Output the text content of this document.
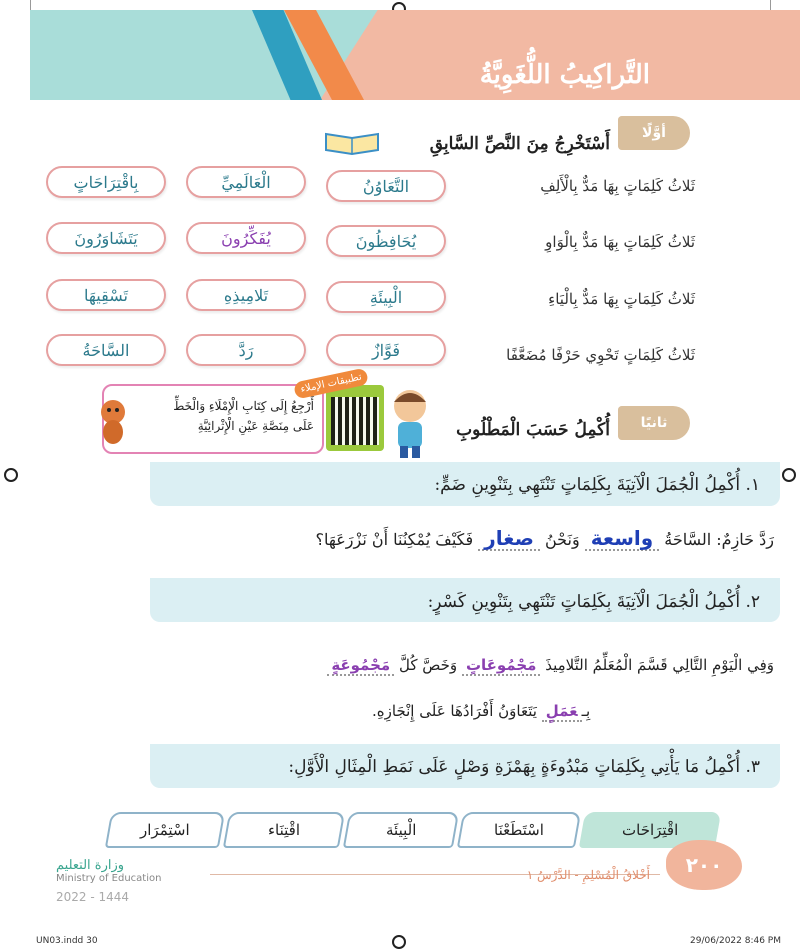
التَّراكِيبُ اللُّغَوِيَّةُ
أوَّلًا
أَسْتَخْرِجُ مِنَ النَّصِّ السَّابِقِ
ثَلاثُ كَلِمَاتٍ بِهَا مَدٌّ بِالْأَلِفِ
التَّعَاوُنُ
الْعَالَمِيِّ
بِاقْتِرَاحَاتٍ
ثَلاثُ كَلِمَاتٍ بِهَا مَدٌّ بِالْوَاوِ
يُحَافِظُونَ
يُفَكِّرُونَ
يَتَشَاوَرُونَ
ثَلاثُ كَلِمَاتٍ بِهَا مَدٌّ بِالْيَاءِ
الْبِيئَةِ
تَلامِيذِهِ
تَسْقِيهَا
ثَلاثُ كَلِمَاتٍ تَحْوِي حَرْفًا مُضَعَّفًا
فَوَّازٌ
رَدَّ
السَّاحَةُ
ثانيًا
أُكْمِلُ حَسَبَ الْمَطْلُوبِ
أَرْجِعُ إِلَى كِتَابِ الْإِمْلَاءِ وَالْخَطِّ
عَلَى مِنَصَّةِ عَيْنِ الْإِثْرائِيَّةِ
تطبيقات الإملاء
١. أُكْمِلُ الْجُمَلَ الْآتِيَةَ بِكَلِمَاتٍ تَنْتَهِي بِتَنْوِينِ ضَمٍّ:
رَدَّ حَازِمٌ: السَّاحَةُ واسعة وَنَحْنُ صغار فَكَيْفَ يُمْكِنُنَا أَنْ نَزْرَعَهَا؟
٢. أُكْمِلُ الْجُمَلَ الْآتِيَةَ بِكَلِمَاتٍ تَنْتَهِي بِتَنْوِينِ كَسْرٍ:
وَفِي الْيَوْمِ التَّالِي قَسَّمَ الْمُعَلِّمُ التَّلامِيذَ مَجْمُوعَاتٍ وَخَصَّ كُلَّ مَجْمُوعَةٍ
بِـعَمَلٍ يَتَعَاوَنُ أَفْرَادُهَا عَلَى إِنْجَازِهِ.
٣. أُكْمِلُ مَا يَأْتِي بِكَلِمَاتٍ مَبْدُوءَةٍ بِهَمْزَةِ وَصْلٍ عَلَى نَمَطِ الْمِثَالِ الْأَوَّلِ:
اقْتِرَاحَات
اسْتَطَعْنَا
الْبِيئَة
اقْتِنَاء
اسْتِمْرَار
٢٠٠
أَخْلاقُ الْمُسْلِمِ - الدَّرْسُ ١
وزارة التعليم
Ministry of Education
2022 - 1444
UN03.indd 30	29/06/2022 8:46 PM
